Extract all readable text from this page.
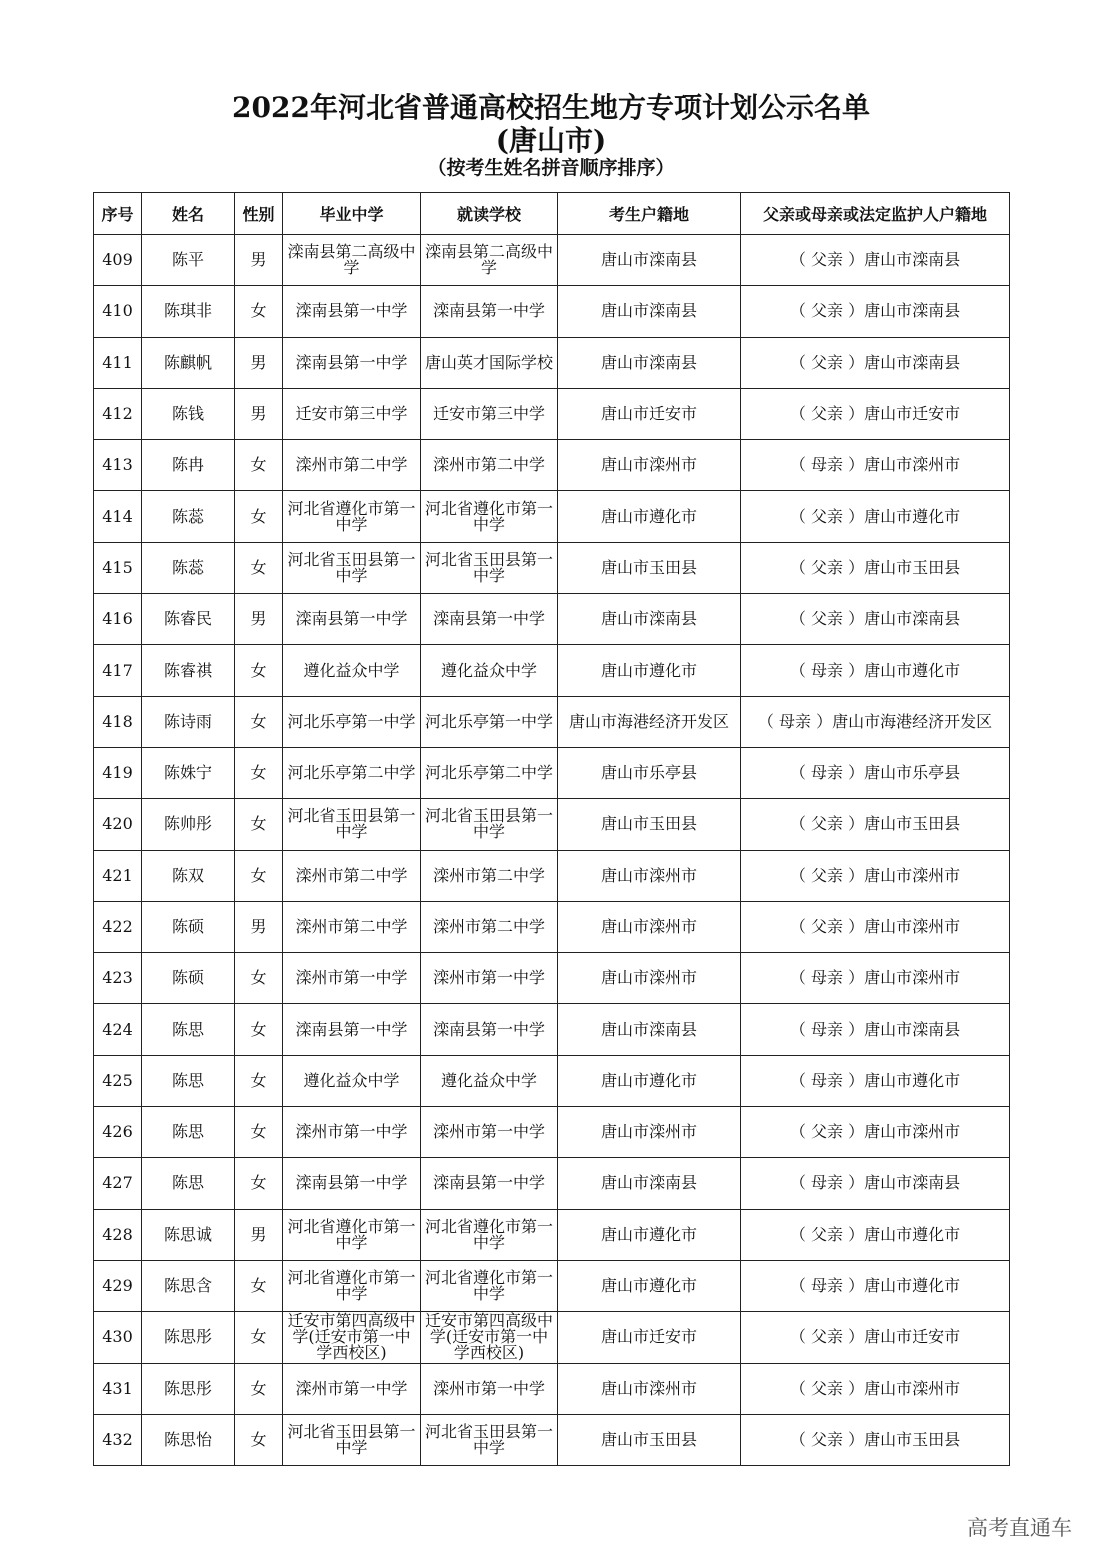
2022年河北省普通高校招生地方专项计划公示名单
(唐山市)
（按考生姓名拼音顺序排序）
序号	姓名	性别	毕业中学	就读学校	考生户籍地	父亲或母亲或法定监护人户籍地
409	陈平	男	滦南县第二高级中学	滦南县第二高级中学	唐山市滦南县	（ 父亲 ）唐山市滦南县
410	陈琪非	女	滦南县第一中学	滦南县第一中学	唐山市滦南县	（ 父亲 ）唐山市滦南县
411	陈麒帆	男	滦南县第一中学	唐山英才国际学校	唐山市滦南县	（ 父亲 ）唐山市滦南县
412	陈钱	男	迁安市第三中学	迁安市第三中学	唐山市迁安市	（ 父亲 ）唐山市迁安市
413	陈冉	女	滦州市第二中学	滦州市第二中学	唐山市滦州市	（ 母亲 ）唐山市滦州市
414	陈蕊	女	河北省遵化市第一中学	河北省遵化市第一中学	唐山市遵化市	（ 父亲 ）唐山市遵化市
415	陈蕊	女	河北省玉田县第一中学	河北省玉田县第一中学	唐山市玉田县	（ 父亲 ）唐山市玉田县
416	陈睿民	男	滦南县第一中学	滦南县第一中学	唐山市滦南县	（ 父亲 ）唐山市滦南县
417	陈睿祺	女	遵化益众中学	遵化益众中学	唐山市遵化市	（ 母亲 ）唐山市遵化市
418	陈诗雨	女	河北乐亭第一中学	河北乐亭第一中学	唐山市海港经济开发区	（ 母亲 ）唐山市海港经济开发区
419	陈姝宁	女	河北乐亭第二中学	河北乐亭第二中学	唐山市乐亭县	（ 母亲 ）唐山市乐亭县
420	陈帅彤	女	河北省玉田县第一中学	河北省玉田县第一中学	唐山市玉田县	（ 父亲 ）唐山市玉田县
421	陈双	女	滦州市第二中学	滦州市第二中学	唐山市滦州市	（ 父亲 ）唐山市滦州市
422	陈硕	男	滦州市第二中学	滦州市第二中学	唐山市滦州市	（ 父亲 ）唐山市滦州市
423	陈硕	女	滦州市第一中学	滦州市第一中学	唐山市滦州市	（ 母亲 ）唐山市滦州市
424	陈思	女	滦南县第一中学	滦南县第一中学	唐山市滦南县	（ 母亲 ）唐山市滦南县
425	陈思	女	遵化益众中学	遵化益众中学	唐山市遵化市	（ 母亲 ）唐山市遵化市
426	陈思	女	滦州市第一中学	滦州市第一中学	唐山市滦州市	（ 父亲 ）唐山市滦州市
427	陈思	女	滦南县第一中学	滦南县第一中学	唐山市滦南县	（ 母亲 ）唐山市滦南县
428	陈思诚	男	河北省遵化市第一中学	河北省遵化市第一中学	唐山市遵化市	（ 父亲 ）唐山市遵化市
429	陈思含	女	河北省遵化市第一中学	河北省遵化市第一中学	唐山市遵化市	（ 母亲 ）唐山市遵化市
430	陈思彤	女	迁安市第四高级中学(迁安市第一中学西校区)	迁安市第四高级中学(迁安市第一中学西校区)	唐山市迁安市	（ 父亲 ）唐山市迁安市
431	陈思彤	女	滦州市第一中学	滦州市第一中学	唐山市滦州市	（ 父亲 ）唐山市滦州市
432	陈思怡	女	河北省玉田县第一中学	河北省玉田县第一中学	唐山市玉田县	（ 父亲 ）唐山市玉田县
高考直通车
